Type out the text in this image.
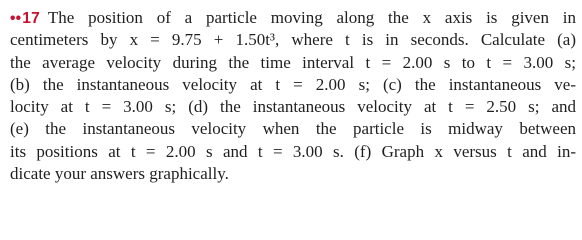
••17 The position of a particle moving along the x axis is given in
centimeters by x = 9.75 + 1.50t³, where t is in seconds. Calculate (a)
the average velocity during the time interval t = 2.00 s to t = 3.00 s;
(b) the instantaneous velocity at t = 2.00 s; (c) the instantaneous ve-
locity at t = 3.00 s; (d) the instantaneous velocity at t = 2.50 s; and
(e) the instantaneous velocity when the particle is midway between
its positions at t = 2.00 s and t = 3.00 s. (f) Graph x versus t and in-
dicate your answers graphically.
